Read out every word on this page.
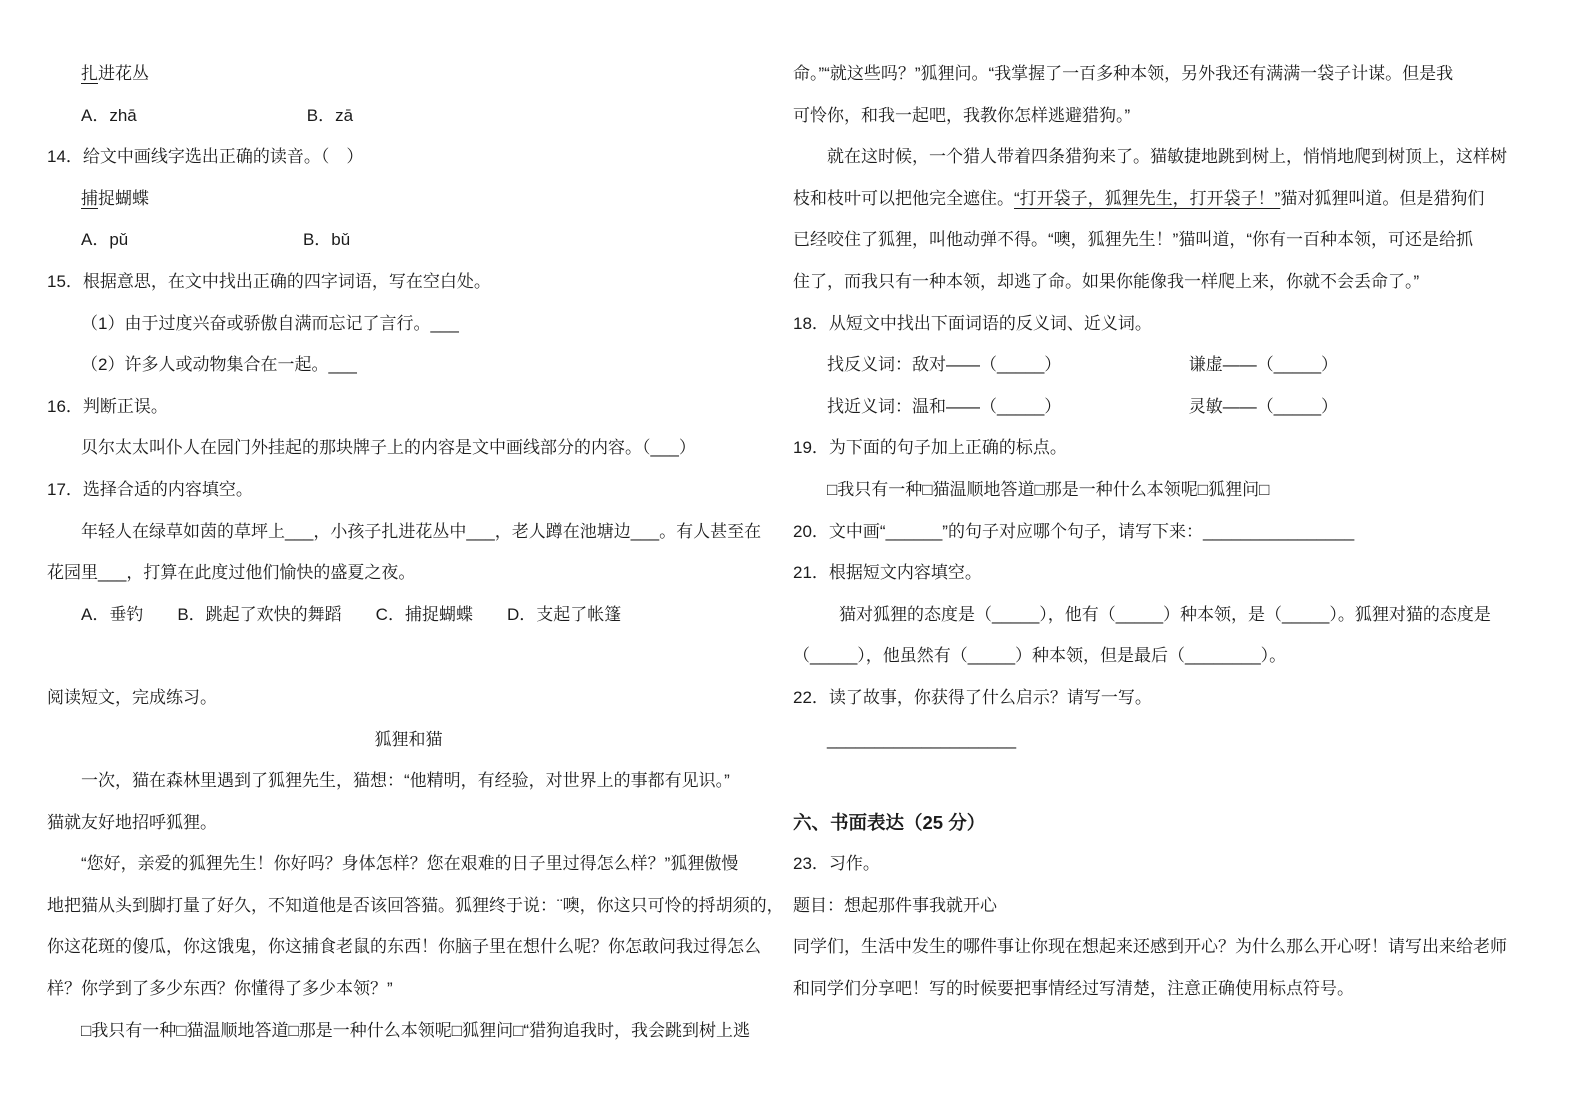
扎进花丛
A．zhā　　　　　　　　　　B．zā
14．给文中画线字选出正确的读音。（　）
捕捉蝴蝶
A．pǔ　　　　　　　　　　 B．bǔ
15．根据意思，在文中找出正确的四字词语，写在空白处。
（1）由于过度兴奋或骄傲自满而忘记了言行。___
（2）许多人或动物集合在一起。___
16．判断正误。
贝尔太太叫仆人在园门外挂起的那块牌子上的内容是文中画线部分的内容。（___）
17．选择合适的内容填空。
年轻人在绿草如茵的草坪上___，小孩子扎进花丛中___，老人蹲在池塘边___。有人甚至在
花园里___，打算在此度过他们愉快的盛夏之夜。
A．垂钓　　B．跳起了欢快的舞蹈　　C．捕捉蝴蝶　　D．支起了帐篷
阅读短文，完成练习。
狐狸和猫
一次，猫在森林里遇到了狐狸先生，猫想：“他精明，有经验，对世界上的事都有见识。”
猫就友好地招呼狐狸。
“您好，亲爱的狐狸先生！你好吗？身体怎样？您在艰难的日子里过得怎么样？”狐狸傲慢
地把猫从头到脚打量了好久，不知道他是否该回答猫。狐狸终于说：¨噢，你这只可怜的捋胡须的，
你这花斑的傻瓜，你这饿鬼，你这捕食老鼠的东西！你脑子里在想什么呢？你怎敢问我过得怎么
样？你学到了多少东西？你懂得了多少本领？”
□我只有一种□猫温顺地答道□那是一种什么本领呢□狐狸问□“猎狗追我时，我会跳到树上逃
命。”“就这些吗？”狐狸问。“我掌握了一百多种本领，另外我还有满满一袋子计谋。但是我
可怜你，和我一起吧，我教你怎样逃避猎狗。”
就在这时候，一个猎人带着四条猎狗来了。猫敏捷地跳到树上，悄悄地爬到树顶上，这样树
枝和枝叶可以把他完全遮住。“打开袋子，狐狸先生，打开袋子！”猫对狐狸叫道。但是猎狗们
已经咬住了狐狸，叫他动弹不得。“噢，狐狸先生！”猫叫道，“你有一百种本领，可还是给抓
住了，而我只有一种本领，却逃了命。如果你能像我一样爬上来，你就不会丢命了。”
18．从短文中找出下面词语的反义词、近义词。
找反义词：敌对——（_____）　　　　　　　　谦虚——（_____）
找近义词：温和——（_____）　　　　　　　　灵敏——（_____）
19．为下面的句子加上正确的标点。
□我只有一种□猫温顺地答道□那是一种什么本领呢□狐狸问□
20．文中画“______”的句子对应哪个句子，请写下来：________________
21．根据短文内容填空。
猫对狐狸的态度是（_____），他有（_____）种本领，是（_____）。狐狸对猫的态度是
（_____），他虽然有（_____）种本领，但是最后（________）。
22．读了故事，你获得了什么启示？请写一写。
____________________
六、书面表达（25 分）
23．习作。
题目：想起那件事我就开心
同学们，生活中发生的哪件事让你现在想起来还感到开心？为什么那么开心呀！请写出来给老师
和同学们分享吧！写的时候要把事情经过写清楚，注意正确使用标点符号。
